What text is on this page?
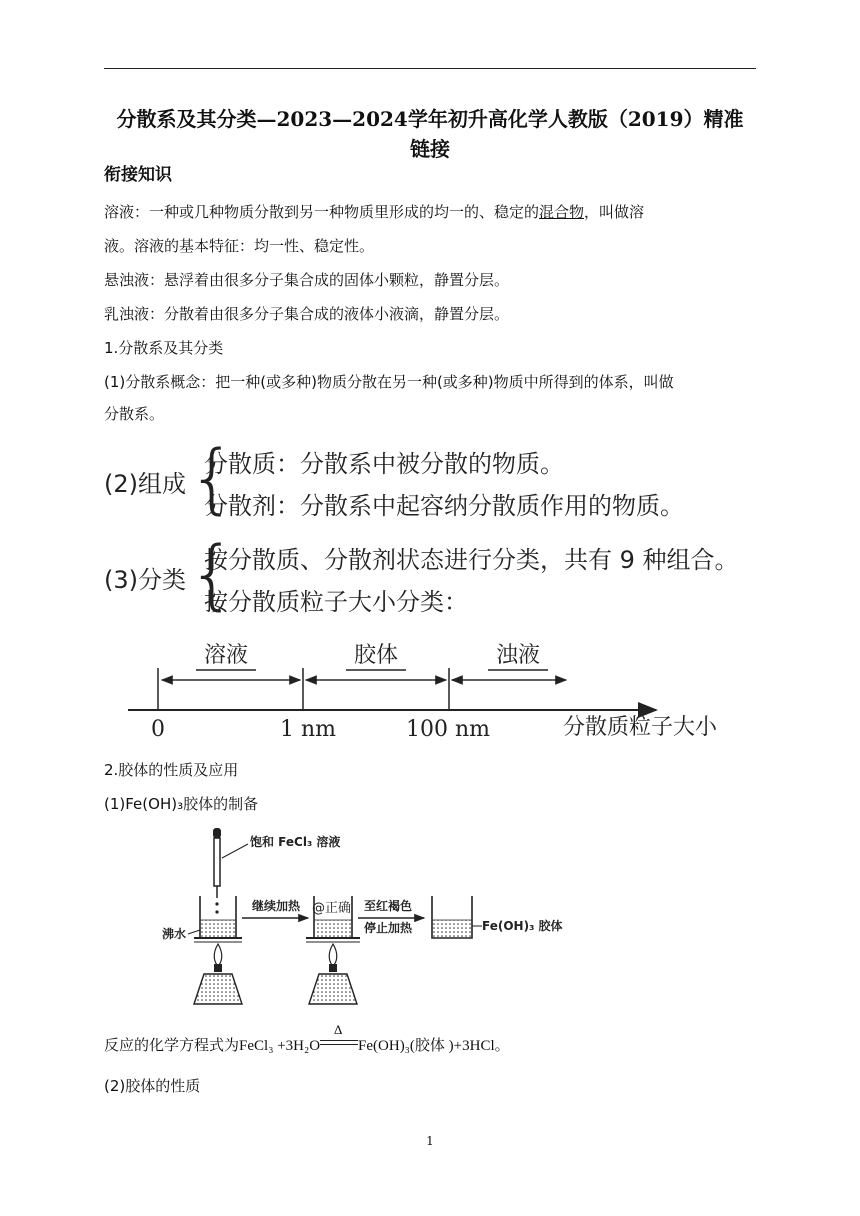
分散系及其分类—2023—2024学年初升高化学人教版（2019）精准
链接
衔接知识
溶液：一种或几种物质分散到另一种物质里形成的均一的、稳定的混合物，叫做溶
液。溶液的基本特征：均一性、稳定性。
悬浊液：悬浮着由很多分子集合成的固体小颗粒，静置分层。
乳浊液：分散着由很多分子集合成的液体小液滴，静置分层。
1.分散系及其分类
(1)分散系概念：把一种(或多种)物质分散在另一种(或多种)物质中所得到的体系，叫做
分散系。
(2)组成 {
分散质：分散系中被分散的物质。
分散剂：分散系中起容纳分散质作用的物质。
(3)分类 {
按分散质、分散剂状态进行分类，共有 9 种组合。
按分散质粒子大小分类：
溶液	胶体	浊液
0	1 nm	100 nm	分散质粒子大小
2.胶体的性质及应用
(1)Fe(OH)₃胶体的制备
饱和 FeCl₃ 溶液
沸水
继续加热 @正确 至红褐色
停止加热	Fe(OH)₃ 胶体
反应的化学方程式为FeCl₃ +3H₂O
Δ
Fe(OH)₃(胶体 )+3HCl。
(2)胶体的性质
1
